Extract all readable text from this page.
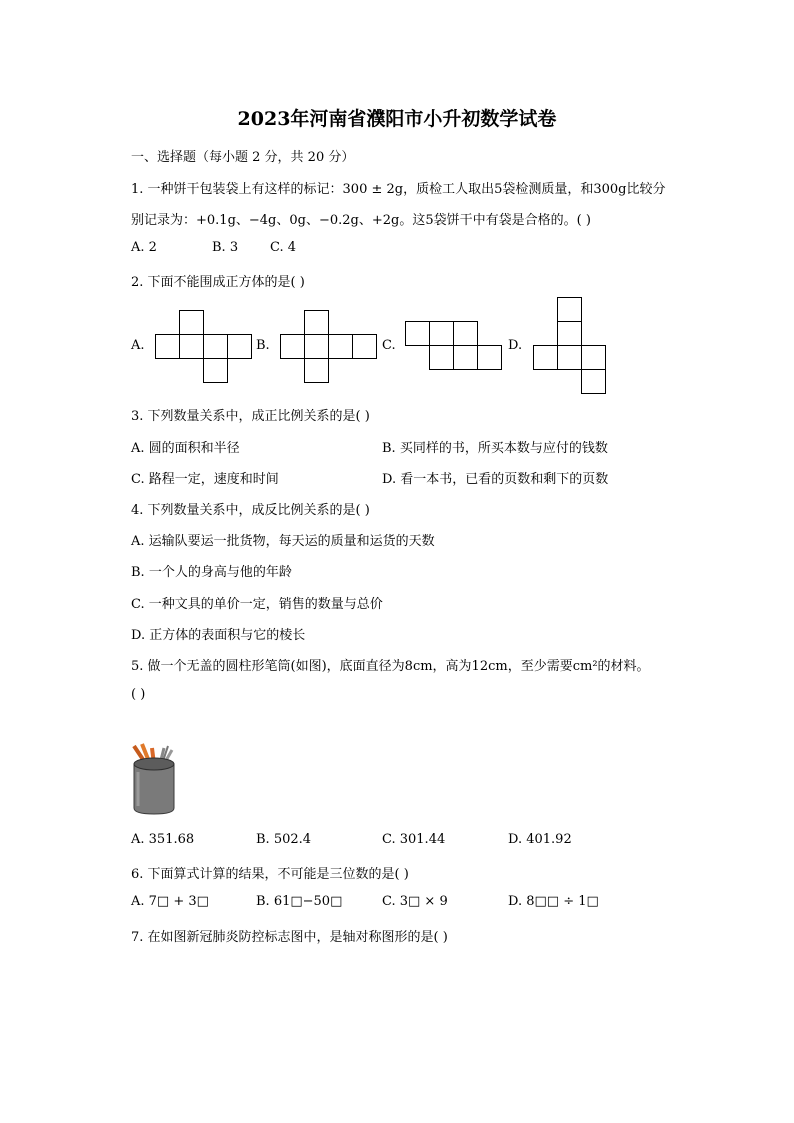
2023年河南省濮阳市小升初数学试卷
一、选择题（每小题 2 分，共 20 分）
1. 一种饼干包装袋上有这样的标记：300 ± 2g，质检工人取出5袋检测质量，和300g比较分
别记录为：+0.1g、−4g、0g、−0.2g、+2g。这5袋饼干中有袋是合格的。( )
A. 2	B. 3 C. 4
2. 下面不能围成正方体的是( )
A.	B.	C.	D.
3. 下列数量关系中，成正比例关系的是( )
A. 圆的面积和半径	B. 买同样的书，所买本数与应付的钱数
C. 路程一定，速度和时间	D. 看一本书，已看的页数和剩下的页数
4. 下列数量关系中，成反比例关系的是( )
A. 运输队要运一批货物，每天运的质量和运货的天数
B. 一个人的身高与他的年龄
C. 一种文具的单价一定，销售的数量与总价
D. 正方体的表面积与它的棱长
5. 做一个无盖的圆柱形笔筒(如图)，底面直径为8cm，高为12cm，至少需要cm²的材料。
( )
A. 351.68	B. 502.4	C. 301.44	D. 401.92
6. 下面算式计算的结果，不可能是三位数的是( )
A. 7□ + 3□	B. 61□−50□	C. 3□ × 9	D. 8□□ ÷ 1□
7. 在如图新冠肺炎防控标志图中，是轴对称图形的是( )
